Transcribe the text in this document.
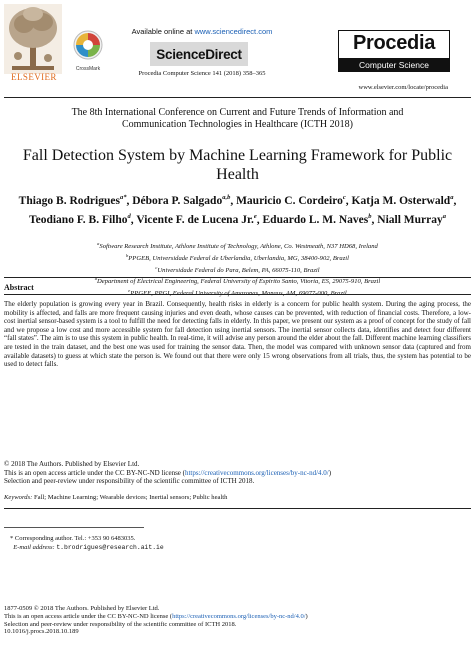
ELSEVIER
CrossMark
Available online at www.sciencedirect.com
ScienceDirect
Procedia Computer Science 141 (2018) 358–365
Procedia
Computer Science
www.elsevier.com/locate/procedia
The 8th International Conference on Current and Future Trends of Information and
Communication Technologies in Healthcare (ICTH 2018)
Fall Detection System by Machine Learning Framework for Public
Health
Thiago B. Rodrigues$^{a*}$, Débora P. Salgado$^{a,b}$, Mauricio C. Cordeiro$^c$, Katja M. Osterwald$^a$, Teodiano F. B. Filho$^d$, Vicente F. de Lucena Jr.$^e$, Eduardo L. M. Naves$^b$, Niall Murray$^a$
$^a$Software Research Institute, Athlone Institute of Technology, Athlone, Co. Westmeath, N37 HD68, Ireland
$^b$PPGEB, Universidade Federal de Uberlandia, Uberlandia, MG, 38400-902, Brazil
$^c$Universidade Federal do Para, Belem, PA, 66075-110, Brazil
$^d$Department of Electrical Engineering, Federal University of Espirito Santo, Vitoria, ES, 29075-910, Brazil
$^e$PPGEE, PPGI, Federal University of Amazonas, Manaus, AM, 69077-000, Brazil
Abstract
The elderly population is growing every year in Brazil. Consequently, health risks in elderly is a concern for public health system. During the aging process, the mobility is affected, and falls are more frequent causing injuries and even death, whose causes can be prevented, with reduction of financial costs. Therefore, a low-cost inertial sensor-based system is a tool to fulfill the need for detecting falls in elderly. In this paper, we present our system as a proof of concept for the study of fall and we propose a low cost and more accessible system for fall detection using inertial sensors. The inertial sensor collects data, identifies and detect four different “fall states”. The aim is to use this system in public health. In real-time, it will advise any person around the elder about the fall. Different machine learning classifiers are tested in the train dataset, and the best one was used for training the sensor data. Then, the model was compared with unknown sensor data (captured and from available datasets) to guess at which state the person is. We found out that there were only 15 wrong observations from all trials, thus, the system has potential to be used to detect falls.
© 2018 The Authors. Published by Elsevier Ltd.
This is an open access article under the CC BY-NC-ND license (https://creativecommons.org/licenses/by-nc-nd/4.0/)
Selection and peer-review under responsibility of the scientific committee of ICTH 2018.
Keywords: Fall; Machine Learning; Wearable devices; Inertial sensors; Public health
* Corresponding author. Tel.: +353 90 6483035.
E-mail address: t.brodrigues@research.ait.ie
1877-0509 © 2018 The Authors. Published by Elsevier Ltd.
This is an open access article under the CC BY-NC-ND license (https://creativecommons.org/licenses/by-nc-nd/4.0/)
Selection and peer-review under responsibility of the scientific committee of ICTH 2018.
10.1016/j.procs.2018.10.189
